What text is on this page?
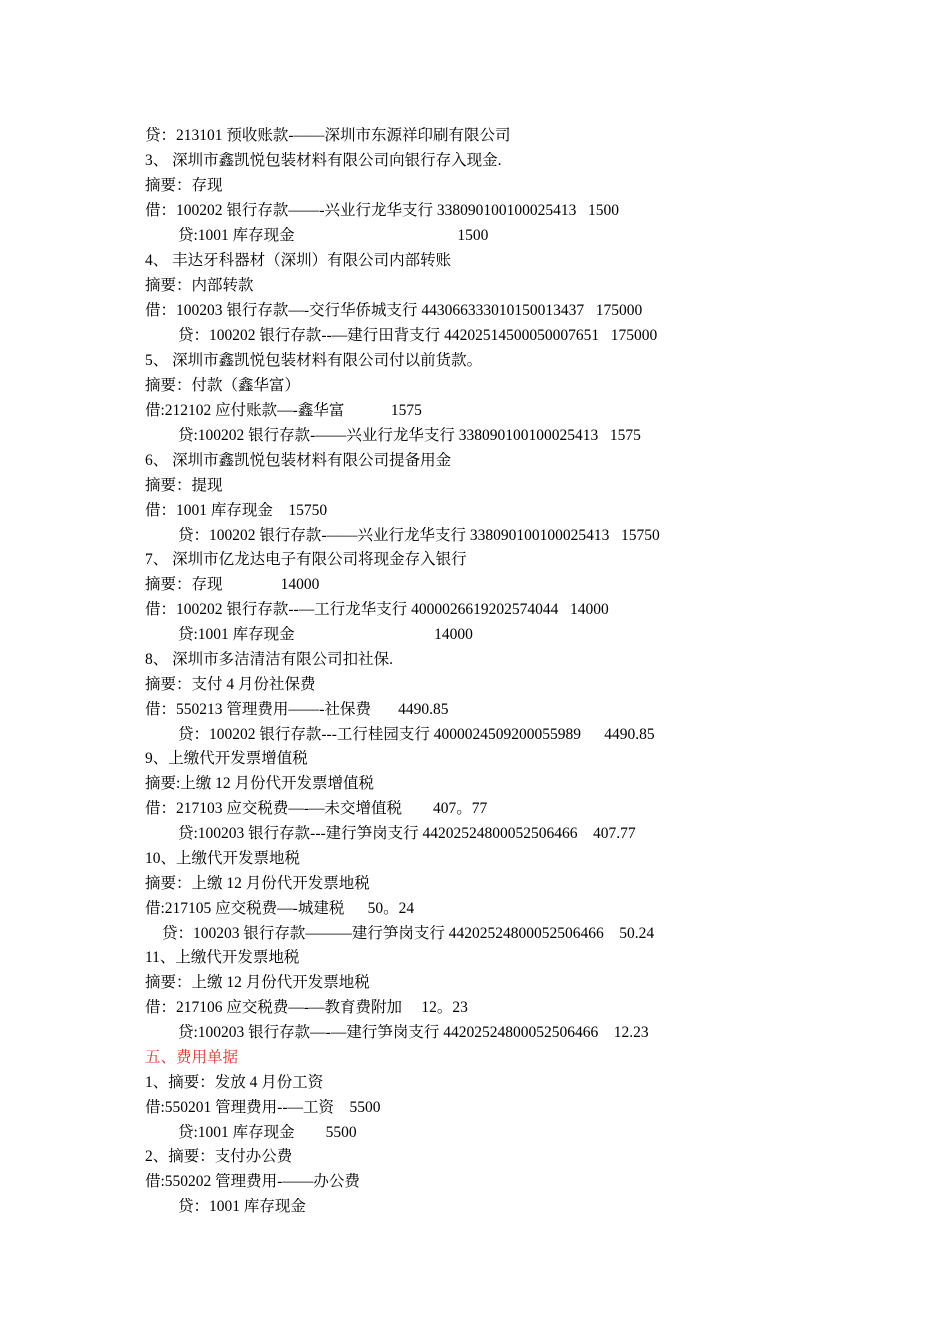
贷：213101 预收账款-——深圳市东源祥印刷有限公司

3、 深圳市鑫凯悦包装材料有限公司向银行存入现金.

摘要：存现

借：100202 银行存款——-兴业行龙华支行 338090100100025413   1500

贷:1001 库存现金                                          1500

4、 丰达牙科器材（深圳）有限公司内部转账

摘要：内部转款

借：100203 银行存款—-交行华侨城支行 443066333010150013437   175000

贷：100202 银行存款--—建行田背支行 44202514500050007651   175000

5、 深圳市鑫凯悦包装材料有限公司付以前货款。

摘要：付款（鑫华富）

借:212102 应付账款—-鑫华富            1575

贷:100202 银行存款-——兴业行龙华支行 338090100100025413   1575

6、 深圳市鑫凯悦包装材料有限公司提备用金

摘要：提现

借：1001 库存现金    15750

贷：100202 银行存款-——兴业行龙华支行 338090100100025413   15750

7、 深圳市亿龙达电子有限公司将现金存入银行

摘要：存现               14000

借：100202 银行存款--—工行龙华支行 4000026619202574044   14000

贷:1001 库存现金                                    14000

8、 深圳市多洁清洁有限公司扣社保.

摘要：支付 4 月份社保费

借：550213 管理费用——-社保费       4490.85

贷：100202 银行存款---工行桂园支行 4000024509200055989      4490.85

9、上缴代开发票增值税

摘要:上缴 12 月份代开发票增值税

借：217103 应交税费—-—未交增值税        407。77

贷:100203 银行存款---建行笋岗支行 44202524800052506466    407.77

10、上缴代开发票地税

摘要：上缴 12 月份代开发票地税

借:217105 应交税费—-城建税      50。24

贷：100203 银行存款———建行笋岗支行 44202524800052506466    50.24

11、上缴代开发票地税

摘要：上缴 12 月份代开发票地税

借：217106 应交税费—-—教育费附加     12。23

贷:100203 银行存款—-—建行笋岗支行 44202524800052506466    12.23

五、费用单据

1、摘要：发放 4 月份工资

借:550201 管理费用--—工资    5500

贷:1001 库存现金        5500

2、摘要：支付办公费

借:550202 管理费用-——办公费

贷：1001 库存现金
